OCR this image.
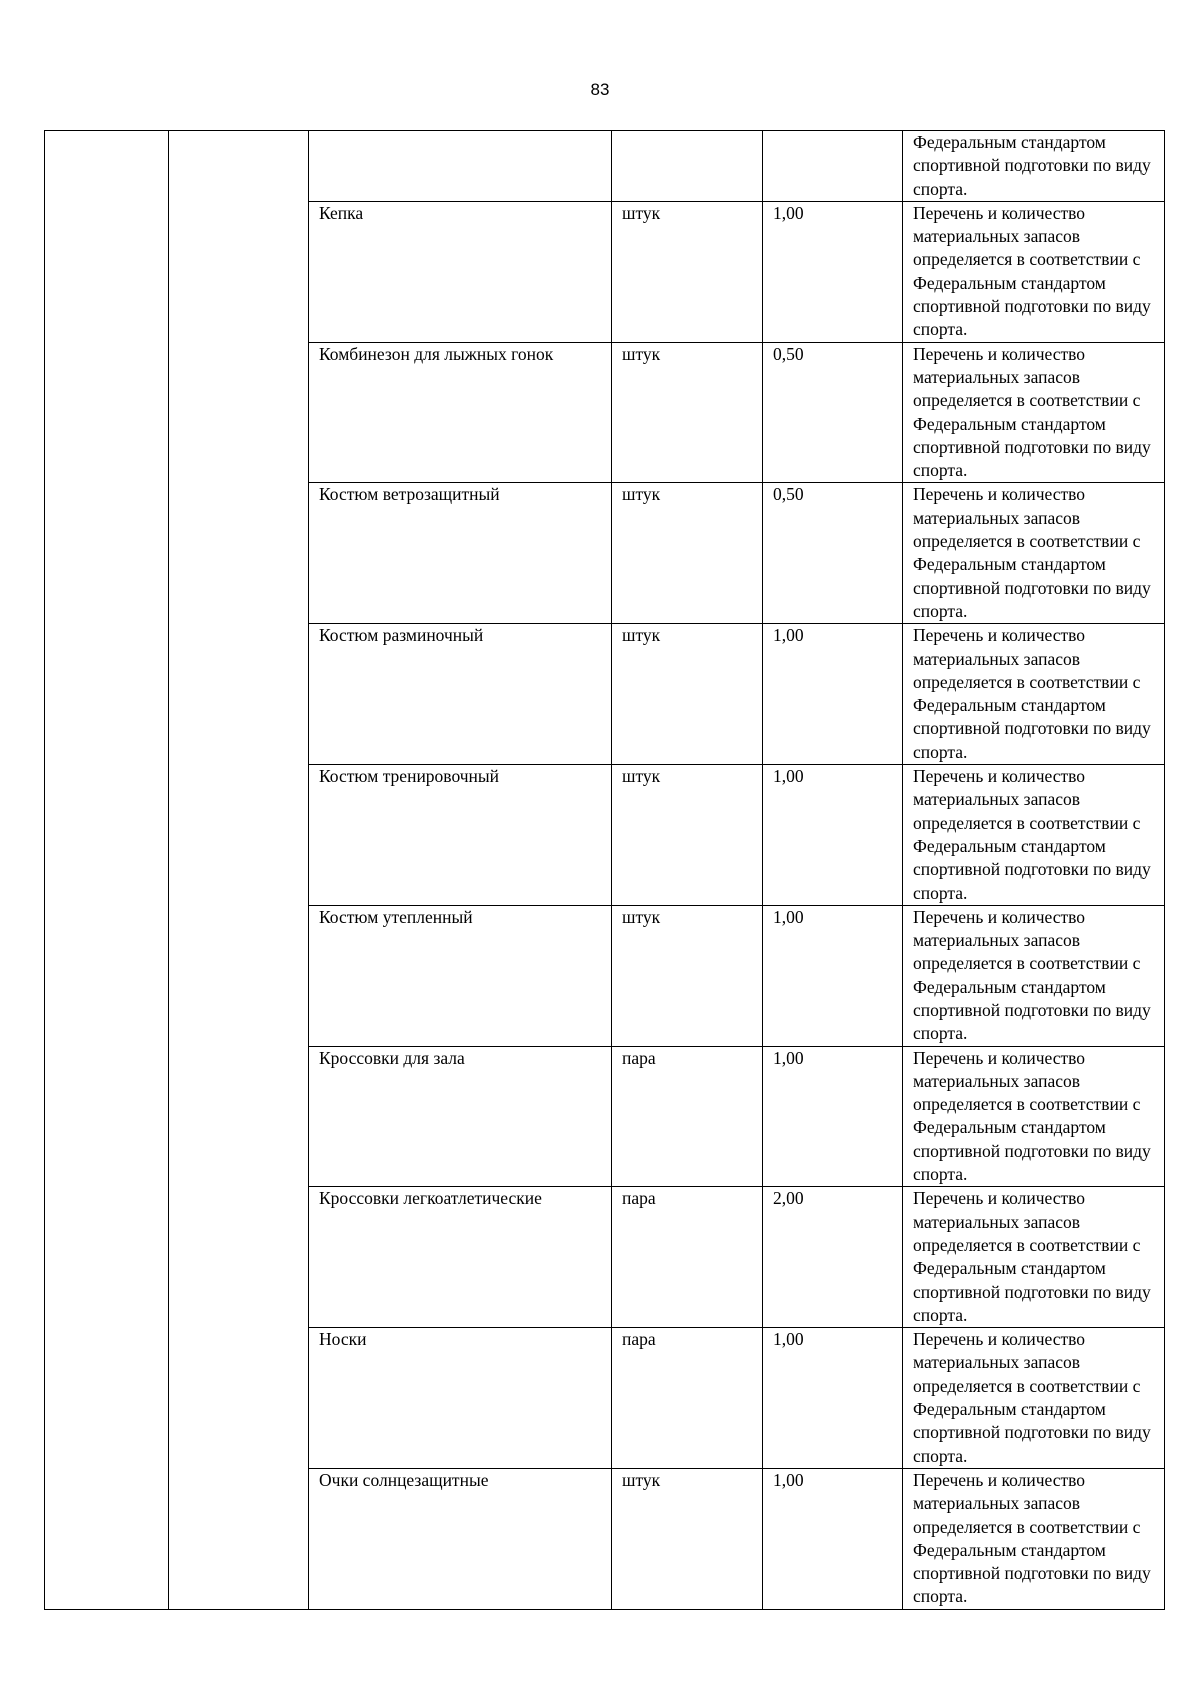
83
					Федеральным стандартом спортивной подготовки по виду спорта.
		Кепка	штук	1,00	Перечень и количество материальных запасов определяется в соответствии с Федеральным стандартом спортивной подготовки по виду спорта.
		Комбинезон для лыжных гонок	штук	0,50	Перечень и количество материальных запасов определяется в соответствии с Федеральным стандартом спортивной подготовки по виду спорта.
		Костюм ветрозащитный	штук	0,50	Перечень и количество материальных запасов определяется в соответствии с Федеральным стандартом спортивной подготовки по виду спорта.
		Костюм разминочный	штук	1,00	Перечень и количество материальных запасов определяется в соответствии с Федеральным стандартом спортивной подготовки по виду спорта.
		Костюм тренировочный	штук	1,00	Перечень и количество материальных запасов определяется в соответствии с Федеральным стандартом спортивной подготовки по виду спорта.
		Костюм утепленный	штук	1,00	Перечень и количество материальных запасов определяется в соответствии с Федеральным стандартом спортивной подготовки по виду спорта.
		Кроссовки для зала	пара	1,00	Перечень и количество материальных запасов определяется в соответствии с Федеральным стандартом спортивной подготовки по виду спорта.
		Кроссовки легкоатлетические	пара	2,00	Перечень и количество материальных запасов определяется в соответствии с Федеральным стандартом спортивной подготовки по виду спорта.
		Носки	пара	1,00	Перечень и количество материальных запасов определяется в соответствии с Федеральным стандартом спортивной подготовки по виду спорта.
		Очки солнцезащитные	штук	1,00	Перечень и количество материальных запасов определяется в соответствии с Федеральным стандартом спортивной подготовки по виду спорта.
